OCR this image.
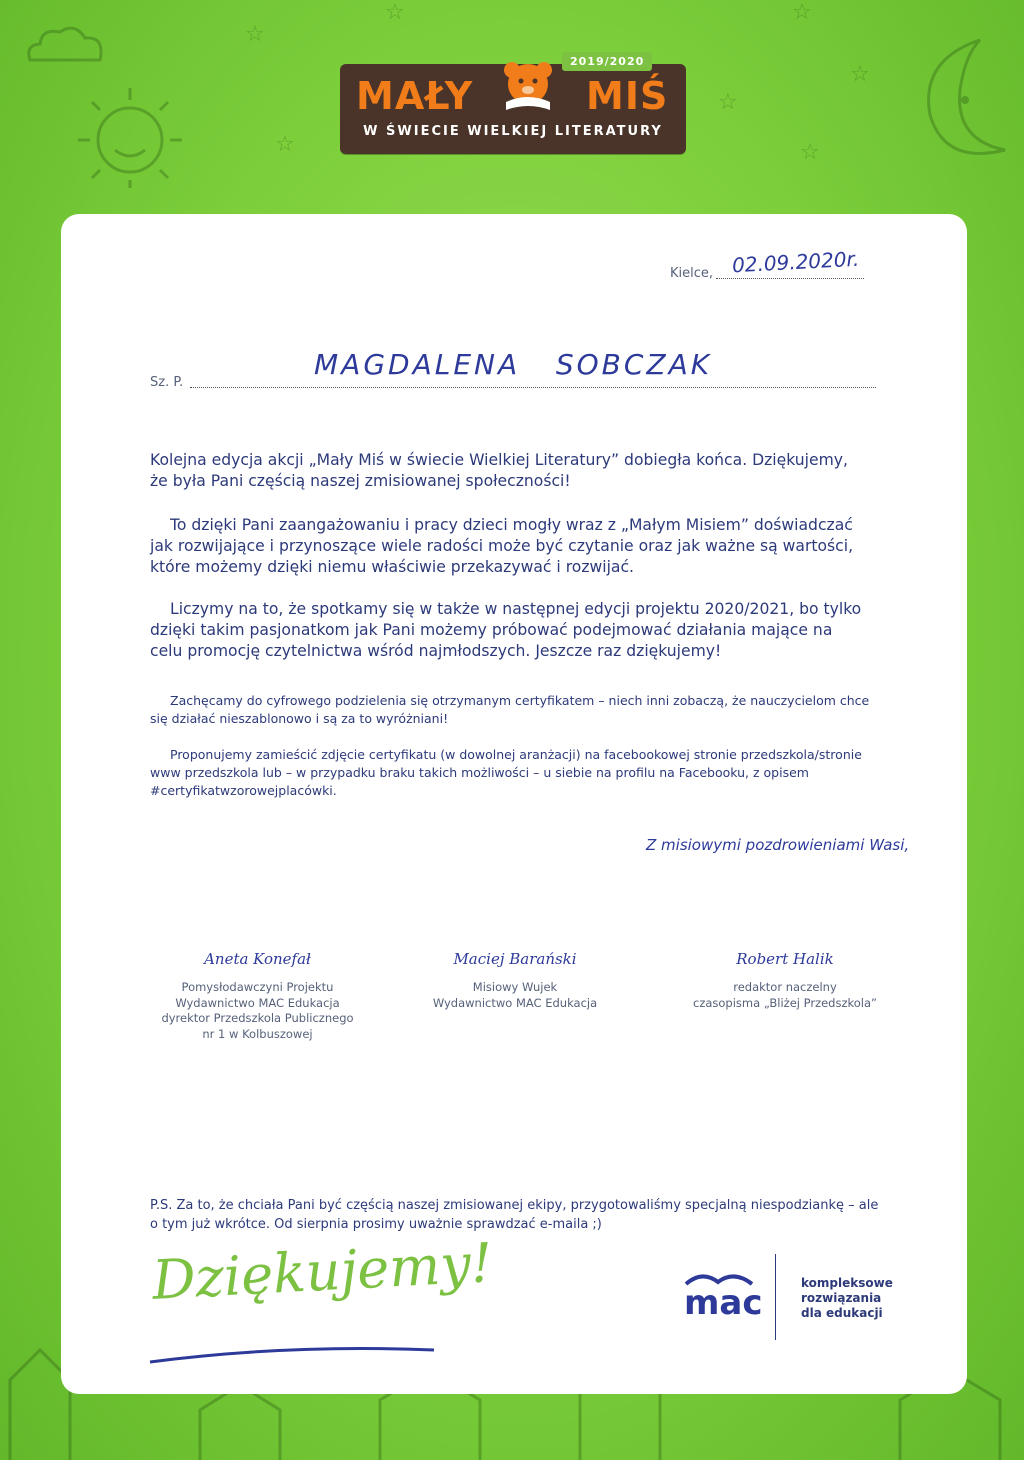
☆
☆
☆
☆
☆
☆
☆
2019/2020
MAŁY	MIŚ
W ŚWIECIE WIELKIEJ LITERATURY
Kielce, 02.09.2020r.
Sz. P.
MAGDALENA   SOBCZAK

Kolejna edycja akcji „Mały Miś w świecie Wielkiej Literatury” dobiegła końca. Dziękujemy, że była Pani częścią naszej zmisiowanej społeczności!

To dzięki Pani zaangażowaniu i pracy dzieci mogły wraz z „Małym Misiem” doświadczać jak rozwijające i przynoszące wiele radości może być czytanie oraz jak ważne są wartości, które możemy dzięki niemu właściwie przekazywać i rozwijać.

Liczymy na to, że spotkamy się w także w następnej edycji projektu 2020/2021, bo tylko dzięki takim pasjonatkom jak Pani możemy próbować podejmować działania mające na celu promocję czytelnictwa wśród najmłodszych. Jeszcze raz dziękujemy!

Zachęcamy do cyfrowego podzielenia się otrzymanym certyfikatem – niech inni zobaczą, że nauczycielom chce się działać nieszablonowo i są za to wyróżniani!

Proponujemy zamieścić zdjęcie certyfikatu (w dowolnej aranżacji) na facebookowej stronie przedszkola/stronie www przedszkola lub – w przypadku braku takich możliwości – u siebie na profilu na Facebooku, z opisem #certyfikatwzorowejplacówki.

Z misiowymi pozdrowieniami Wasi,
Aneta Konefał
Pomysłodawczyni Projektu
Wydawnictwo MAC Edukacja
dyrektor Przedszkola Publicznego
nr 1 w Kolbuszowej
Maciej Barański
Misiowy Wujek
Wydawnictwo MAC Edukacja
Robert Halik
redaktor naczelny
czasopisma „Bliżej Przedszkola”

P.S. Za to, że chciała Pani być częścią naszej zmisiowanej ekipy, przygotowaliśmy specjalną niespodziankę – ale o tym już wkrótce. Od sierpnia prosimy uważnie sprawdzać e-maila ;)

Dziękujemy!	mac	kompleksowe
rozwiązania
dla edukacji
